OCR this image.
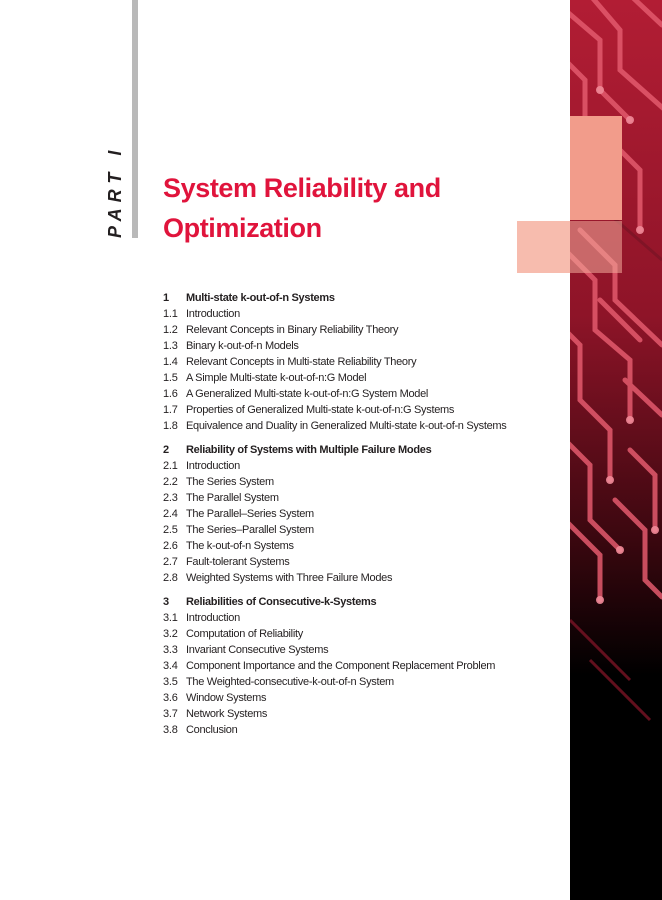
PART I System Reliability and Optimization
1 Multi-state k-out-of-n Systems
1.1 Introduction
1.2 Relevant Concepts in Binary Reliability Theory
1.3 Binary k-out-of-n Models
1.4 Relevant Concepts in Multi-state Reliability Theory
1.5 A Simple Multi-state k-out-of-n:G Model
1.6 A Generalized Multi-state k-out-of-n:G System Model
1.7 Properties of Generalized Multi-state k-out-of-n:G Systems
1.8 Equivalence and Duality in Generalized Multi-state k-out-of-n Systems
2 Reliability of Systems with Multiple Failure Modes
2.1 Introduction
2.2 The Series System
2.3 The Parallel System
2.4 The Parallel–Series System
2.5 The Series–Parallel System
2.6 The k-out-of-n Systems
2.7 Fault-tolerant Systems
2.8 Weighted Systems with Three Failure Modes
3 Reliabilities of Consecutive-k-Systems
3.1 Introduction
3.2 Computation of Reliability
3.3 Invariant Consecutive Systems
3.4 Component Importance and the Component Replacement Problem
3.5 The Weighted-consecutive-k-out-of-n System
3.6 Window Systems
3.7 Network Systems
3.8 Conclusion
